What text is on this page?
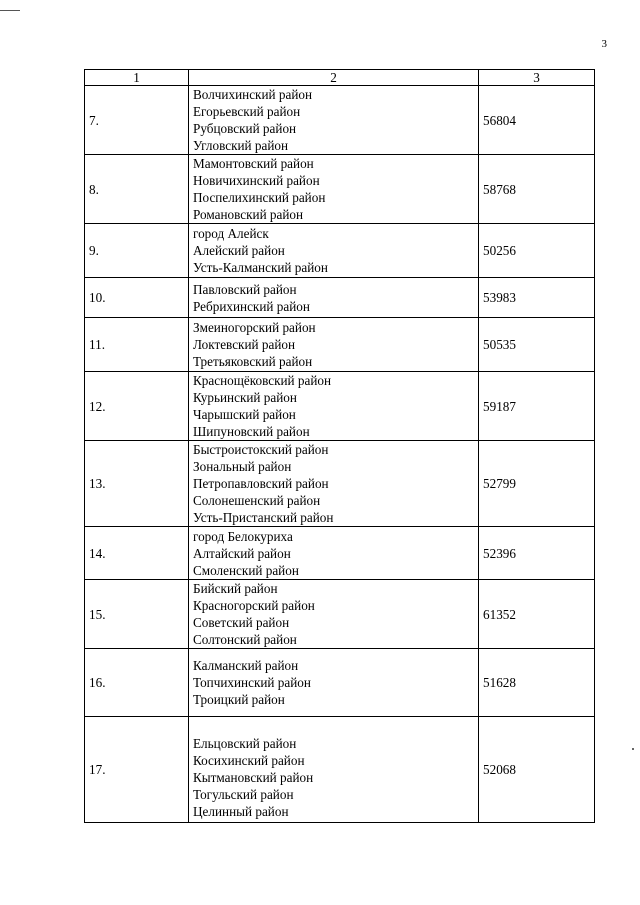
3
1	2	3
7.	Волчихинский район
Егорьевский район
Рубцовский район
Угловский район	56804
8.	Мамонтовский район
Новичихинский район
Поспелихинский район
Романовский район	58768
9.	город Алейск
Алейский район
Усть-Калманский район	50256
10.	Павловский район
Ребрихинский район	53983
11.	Змеиногорский район
Локтевский район
Третьяковский район	50535
12.	Краснощёковский район
Курьинский район
Чарышский район
Шипуновский район	59187
13.	Быстроистокский район
Зональный район
Петропавловский район
Солонешенский район
Усть-Пристанский район	52799
14.	город Белокуриха
Алтайский район
Смоленский район	52396
15.	Бийский район
Красногорский район
Советский район
Солтонский район	61352
16.	Калманский район
Топчихинский район
Троицкий район	51628
17.	Ельцовский район
Косихинский район
Кытмановский район
Тогульский район
Целинный район	52068
